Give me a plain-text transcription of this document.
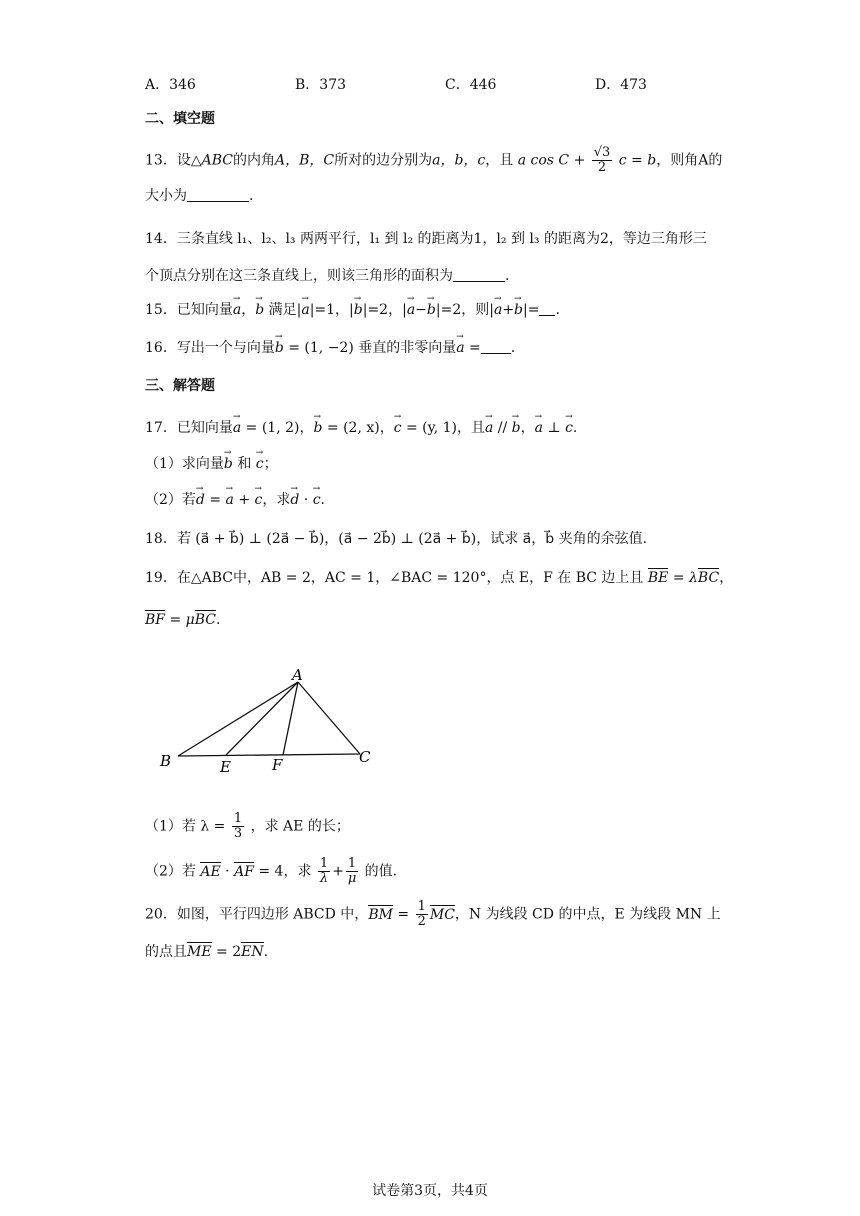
A．346	B．373	C．446	D．473
二、填空题
13．设△ABC的内角A，B，C所对的边分别为a，b，c，且 a $\cos C + \frac{√3}{2}$ c = b，则角A的
大小为	.
14．三条直线 l₁、l₂、l₃ 两两平行，l₁ 到 l₂ 的距离为1，l₂ 到 l₃ 的距离为2，等边三角形三
个顶点分别在这三条直线上，则该三角形的面积为	.
15．已知向量→ a，→ b 满足|→ a|=1，|→ b|=2，|→ a−→ b|=2，则|→ a+→ b|= .
16．写出一个与向量→ b = (1, −2) 垂直的非零向量→ a = .
三、解答题
17．已知向量→ a = (1, 2)，→ b = (2, x)，→ c = (y, 1)，且→ a // → b，→ a ⊥ → c.
（1）求向量→ b 和 → c；
（2）若→ d = → a + → c，求→ d · → c.
18．若 (a⃗ + b⃗) ⊥ (2a⃗ − b⃗)，(a⃗ − 2b⃗) ⊥ (2a⃗ + b⃗)，试求 a⃗，b⃗ 夹角的余弦值.
19．在△ABC中，AB = 2，AC = 1，∠BAC = 120°，点 E，F 在 BC 边上且 BE = λBC，
BF = μBC.
A
B	C
E	F
（1）若 $\lambda = \frac{1}{3}$ ，求 AE 的长；
（2）若 AE · AF = 4，求 $\frac{1}{\lambda} + \frac{1}{\mu}$ 的值.
20．如图，平行四边形 ABCD 中，BM = $\frac{1}{2}$ MC，N 为线段 CD 的中点，E 为线段 MN 上
的点且ME = 2EN.
试卷第3页，共4页
